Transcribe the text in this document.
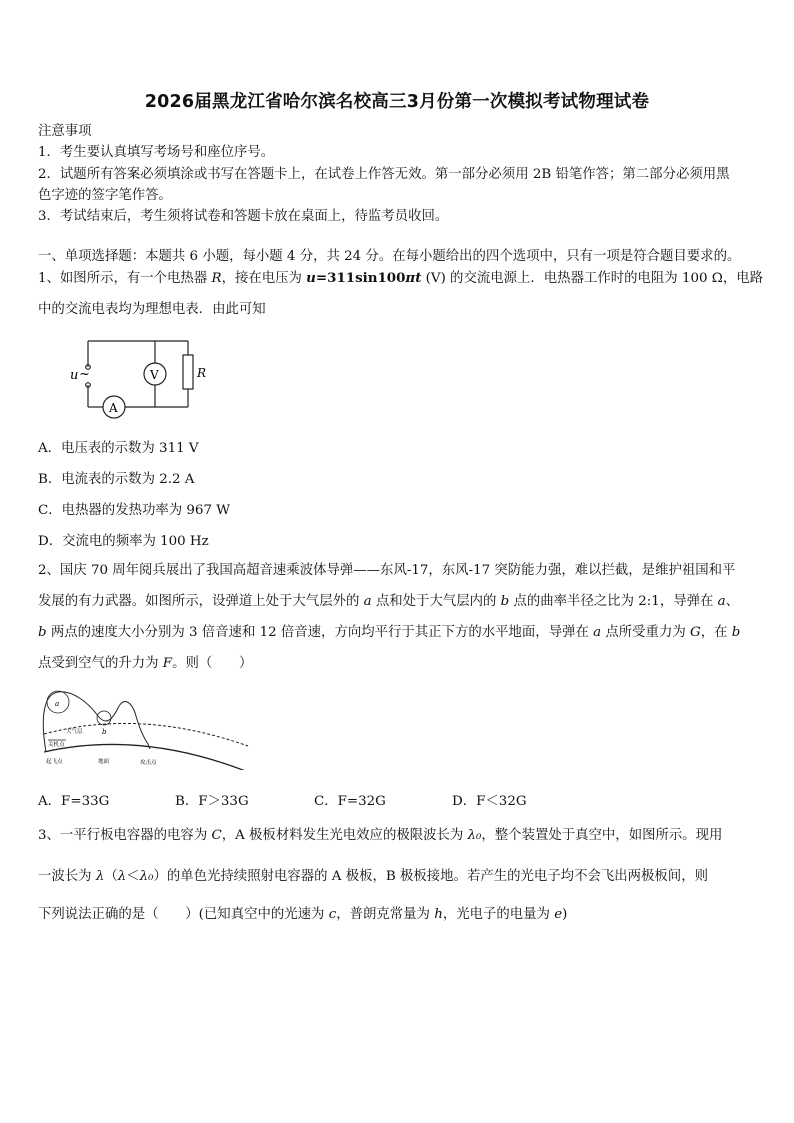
2026届黑龙江省哈尔滨名校高三3月份第一次模拟考试物理试卷
注意事项
1．考生要认真填写考场号和座位序号。
2．试题所有答案必须填涂或书写在答题卡上，在试卷上作答无效。第一部分必须用 2B 铅笔作答；第二部分必须用黑
色字迹的签字笔作答。
3．考试结束后，考生须将试卷和答题卡放在桌面上，待监考员收回。
一、单项选择题：本题共 6 小题，每小题 4 分，共 24 分。在每小题给出的四个选项中，只有一项是符合题目要求的。
1、如图所示，有一个电热器 R，接在电压为 u=311sin100πt (V) 的交流电源上．电热器工作时的电阻为 100 Ω，电路
中的交流电表均为理想电表．由此可知
u ~	V
A
R
A．电压表的示数为 311 V
B．电流表的示数为 2.2 A
C．电热器的发热功率为 967 W
D．交流电的频率为 100 Hz
2、国庆 70 周年阅兵展出了我国高超音速乘波体导弹——东风-17，东风-17 突防能力强，难以拦截，是维护祖国和平
发展的有力武器。如图所示，设弹道上处于大气层外的 a 点和处于大气层内的 b 点的曲率半径之比为 2:1，导弹在 a、
b 两点的速度大小分别为 3 倍音速和 12 倍音速，方向均平行于其正下方的水平地面，导弹在 a 点所受重力为 G，在 b
点受到空气的升力为 F。则（　　）
a
b
大气层
关机点
起飞点	地面	攻击点
A．F=33G	B．F＞33G	C．F=32G	D．F＜32G
3、一平行板电容器的电容为 C，A 极板材料发生光电效应的极限波长为 λ₀，整个装置处于真空中，如图所示。现用
一波长为 λ（λ＜λ₀）的单色光持续照射电容器的 A 极板，B 极板接地。若产生的光电子均不会飞出两极板间，则
下列说法正确的是（　　）(已知真空中的光速为 c，普朗克常量为 h，光电子的电量为 e)
